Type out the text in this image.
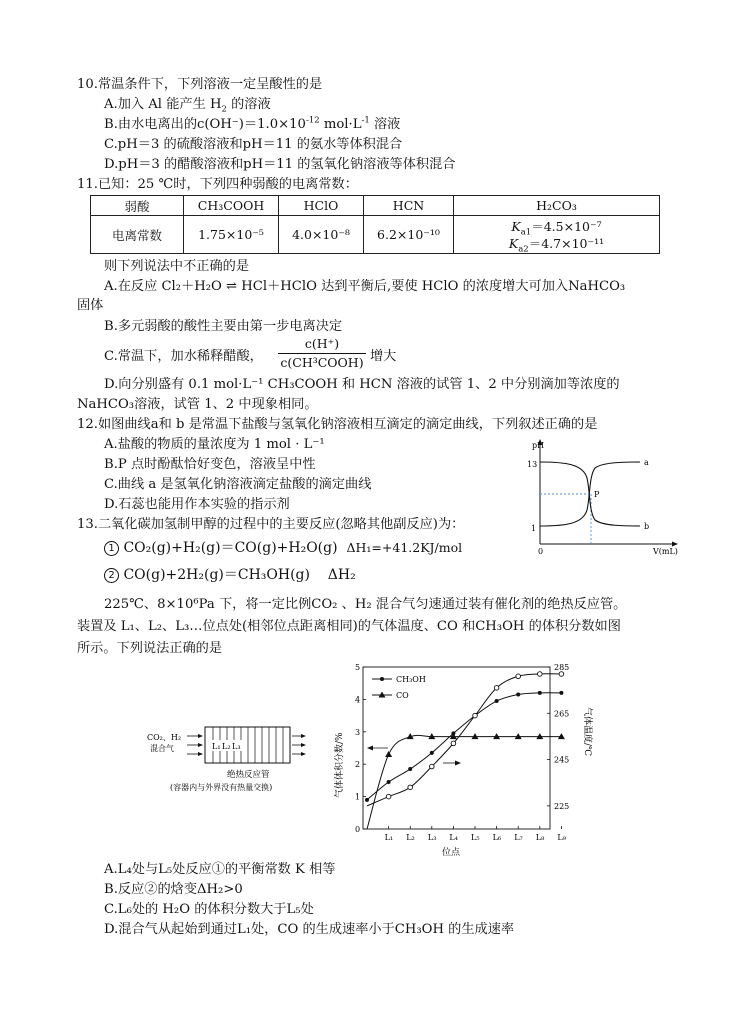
10.常温条件下，下列溶液一定呈酸性的是
A.加入 Al 能产生 $H_2$ 的溶液
B.由水电离出的$c(OH^-)=1.0\times 10^{-12}$ $mol\cdot L^{-1}$ 溶液
C.pH＝3 的硫酸溶液和pH＝11 的氨水等体积混合
D.pH＝3 的醋酸溶液和pH＝11 的氢氧化钠溶液等体积混合
11.已知：25 ℃时，下列四种弱酸的电离常数：
弱酸	CH₃COOH	HClO	HCN	H₂CO₃
电离常数	1.75×10⁻⁵	4.0×10⁻⁸	6.2×10⁻¹⁰	$K_{a1}=4.5\times 10^{-7}$
$K_{a2}=4.7\times 10^{-11}$
则下列说法中不正确的是
A.在反应 Cl₂＋H₂O ⇌ HCl＋HClO 达到平衡后,要使 HClO 的浓度增大可加入NaHCO₃
固体
B.多元弱酸的酸性主要由第一步电离决定
C.常温下，加水稀释醋酸，
c(H⁺)
c(CH³COOH) 增大
D.向分别盛有 0.1 mol·L⁻¹ CH₃COOH 和 HCN 溶液的试管 1、2 中分别滴加等浓度的
NaHCO₃溶液，试管 1、2 中现象相同。
12.如图曲线a和 b 是常温下盐酸与氢氧化钠溶液相互滴定的滴定曲线，下列叙述正确的是
A.盐酸的物质的量浓度为 1 mol · L⁻¹
B.P 点时酚酞恰好变色，溶液呈中性
C.曲线 a 是氢氧化钠溶液滴定盐酸的滴定曲线
D.石蕊也能用作本实验的指示剂
pH
13
1
0	V(mL)
a
b
P
13.二氧化碳加氢制甲醇的过程中的主要反应(忽略其他副反应)为：
1 CO₂(g)+H₂(g)＝CO(g)+H₂O(g) ΔH₁=+41.2KJ/mol
2 CO(g)+2H₂(g)＝CH₃OH(g) ΔH₂
225℃、8×10⁶Pa 下，将一定比例CO₂ 、H₂ 混合气匀速通过装有催化剂的绝热反应管。
装置及 L₁、L₂、L₃…位点处(相邻位点距离相同)的气体温度、CO 和CH₃OH 的体积分数如图
所示。下列说法正确的是
CO₂、H₂
混合气	L₁ L₂ L₃
绝热反应管
(容器内与外界没有热量交换)
0
1
2
3
4
5
225
245
265
285
L₁ L₂ L₃ L₄ L₅ L₆ L₇ L₈ L₉
CH₃OH
CO
位点
气体体积分数/%
气体温度/℃
A.L₄处与L₅处反应①的平衡常数 K 相等
B.反应②的焓变ΔH₂>0
C.L₆处的 H₂O 的体积分数大于L₅处
D.混合气从起始到通过L₁处，CO 的生成速率小于CH₃OH 的生成速率
